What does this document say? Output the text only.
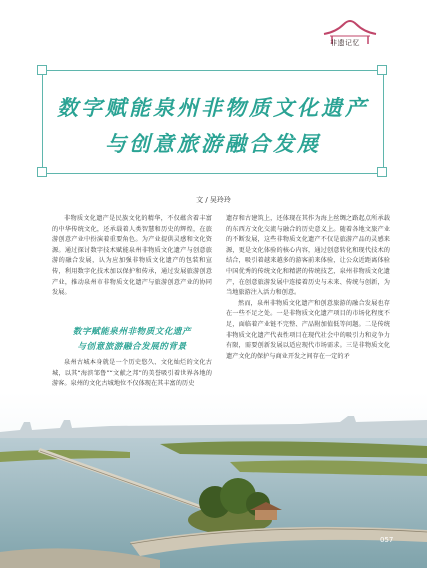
非遗记忆
数字赋能泉州非物质文化遗产
与创意旅游融合发展
文 / 吴玲玲

非物质文化遗产是民族文化的精华，不仅蕴含着丰富的中华传统文化，还承载着人类智慧和历史的辉煌，在旅游创意产业中扮演着重要角色。为产业提供灵感和文化资源。通过探讨数字技术赋能泉州非物质文化遗产与创意旅游的融合发展，认为应加强非物质文化遗产的包装和宣传，利用数字化技术加以保护和传承，通过发展旅游创意产业，推动泉州市非物质文化遗产与旅游创意产业的协同发展。

数字赋能泉州非物质文化遗产
与创意旅游融合发展的背景

泉州古城本身就是一个历史悠久、文化灿烂的文化古城，以其“海滨邹鲁”“文献之邦”的美誉吸引着世界各地的游客。泉州的文化古城地位不仅体现在其丰富的历史

遗存和古建筑上，还体现在其作为海上丝绸之路起点所承载的东西方文化交流与融合的历史意义上。随着各地文旅产业的不断发展，这些非物质文化遗产不仅是旅游产品的灵感来源，更是文化体验的核心内容，通过创意转化和现代技术的结合，吸引着越来越多的游客前来体验，让公众近距离体验中国优秀的传统文化和精湛的传统技艺，泉州非物质文化遗产，在创意旅游发展中连接着历史与未来、传统与创新，为当地旅游注入活力和创意。

然而，泉州非物质文化遗产和创意旅游的融合发展也存在一些不足之处。一是非物质文化遗产项目的市场化程度不足，面临着产业链不完整、产品附加值低等问题。二是传统非物质文化遗产代表性项目在现代社会中的吸引力和竞争力有限，需要创新发展以适应现代市场需求。三是非物质文化遗产文化的保护与商业开发之间存在一定的矛

057
